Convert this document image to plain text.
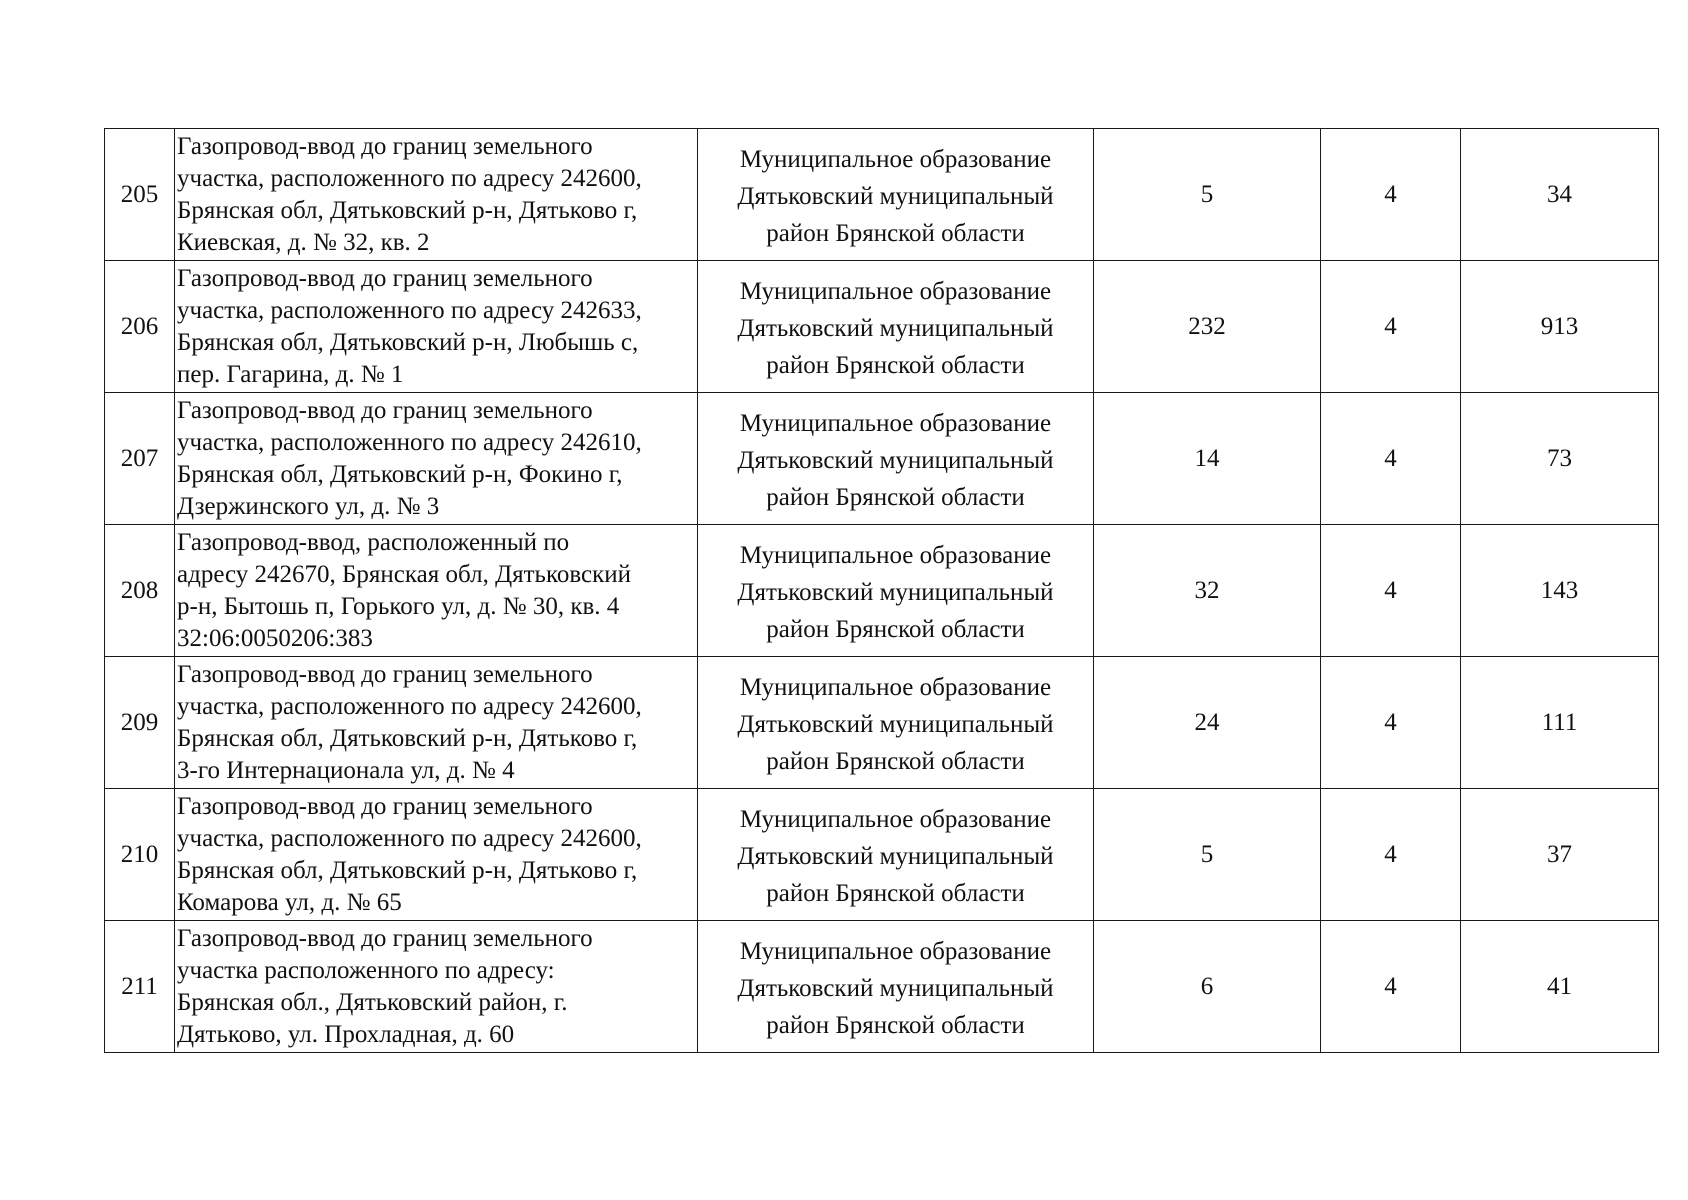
205	Газопровод-ввод до границ земельного
участка, расположенного по адресу 242600,
Брянская обл, Дятьковский р-н, Дятьково г,
Киевская, д. № 32, кв. 2	Муниципальное образование
Дятьковский муниципальный
район Брянской области	5	4	34
206	Газопровод-ввод до границ земельного
участка, расположенного по адресу 242633,
Брянская обл, Дятьковский р-н, Любышь с,
пер. Гагарина, д. № 1	Муниципальное образование
Дятьковский муниципальный
район Брянской области	232	4	913
207	Газопровод-ввод до границ земельного
участка, расположенного по адресу 242610,
Брянская обл, Дятьковский р-н, Фокино г,
Дзержинского ул, д. № 3	Муниципальное образование
Дятьковский муниципальный
район Брянской области	14	4	73
208	Газопровод-ввод, расположенный по
адресу 242670, Брянская обл, Дятьковский
р-н, Бытошь п, Горького ул, д. № 30, кв. 4
32:06:0050206:383	Муниципальное образование
Дятьковский муниципальный
район Брянской области	32	4	143
209	Газопровод-ввод до границ земельного
участка, расположенного по адресу 242600,
Брянская обл, Дятьковский р-н, Дятьково г,
3-го Интернационала ул, д. № 4	Муниципальное образование
Дятьковский муниципальный
район Брянской области	24	4	111
210	Газопровод-ввод до границ земельного
участка, расположенного по адресу 242600,
Брянская обл, Дятьковский р-н, Дятьково г,
Комарова ул, д. № 65	Муниципальное образование
Дятьковский муниципальный
район Брянской области	5	4	37
211	Газопровод-ввод до границ земельного
участка расположенного по адресу:
Брянская обл., Дятьковский район, г.
Дятьково, ул. Прохладная, д. 60	Муниципальное образование
Дятьковский муниципальный
район Брянской области	6	4	41
